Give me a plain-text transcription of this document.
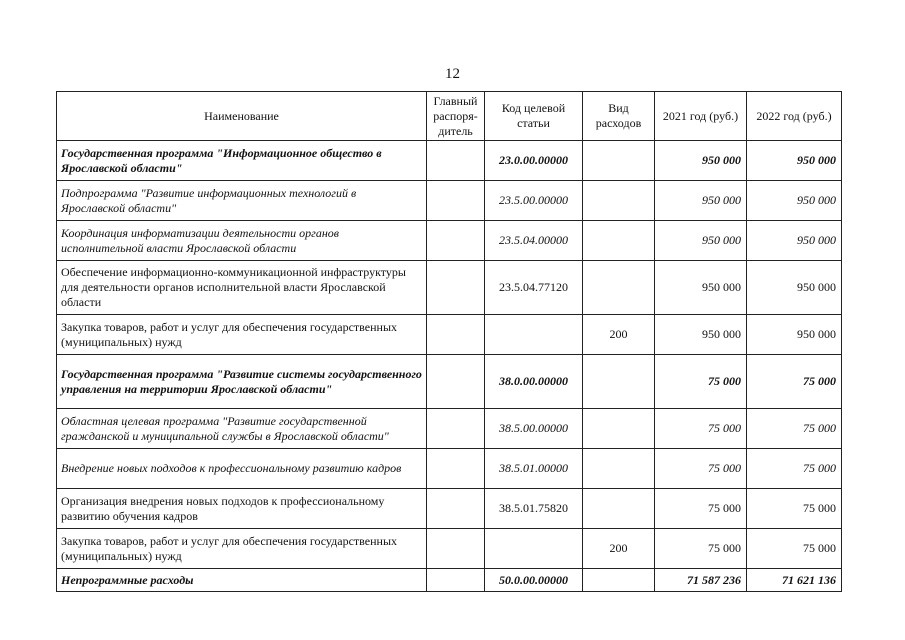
12
Наименование	Главный распоря-дитель	Код целевой статьи	Вид расходов	2021 год (руб.)	2022 год (руб.)
Государственная программа "Информационное общество в Ярославской области"		23.0.00.00000		950 000	950 000
Подпрограмма "Развитие информационных технологий в Ярославской области"		23.5.00.00000		950 000	950 000
Координация информатизации деятельности органов исполнительной власти Ярославской области		23.5.04.00000		950 000	950 000
Обеспечение информационно-коммуникационной инфраструктуры для деятельности органов исполнительной власти Ярославской области		23.5.04.77120		950 000	950 000
Закупка товаров, работ и услуг для обеспечения государственных (муниципальных) нужд			200	950 000	950 000
Государственная программа "Развитие системы государственного управления на территории Ярославской области"		38.0.00.00000		75 000	75 000
Областная целевая программа "Развитие государственной гражданской и муниципальной службы в Ярославской области"		38.5.00.00000		75 000	75 000
Внедрение новых подходов к профессиональному развитию кадров		38.5.01.00000		75 000	75 000
Организация внедрения новых подходов к профессиональному развитию обучения кадров		38.5.01.75820		75 000	75 000
Закупка товаров, работ и услуг для обеспечения государственных (муниципальных) нужд			200	75 000	75 000
Непрограммные расходы		50.0.00.00000		71 587 236	71 621 136
